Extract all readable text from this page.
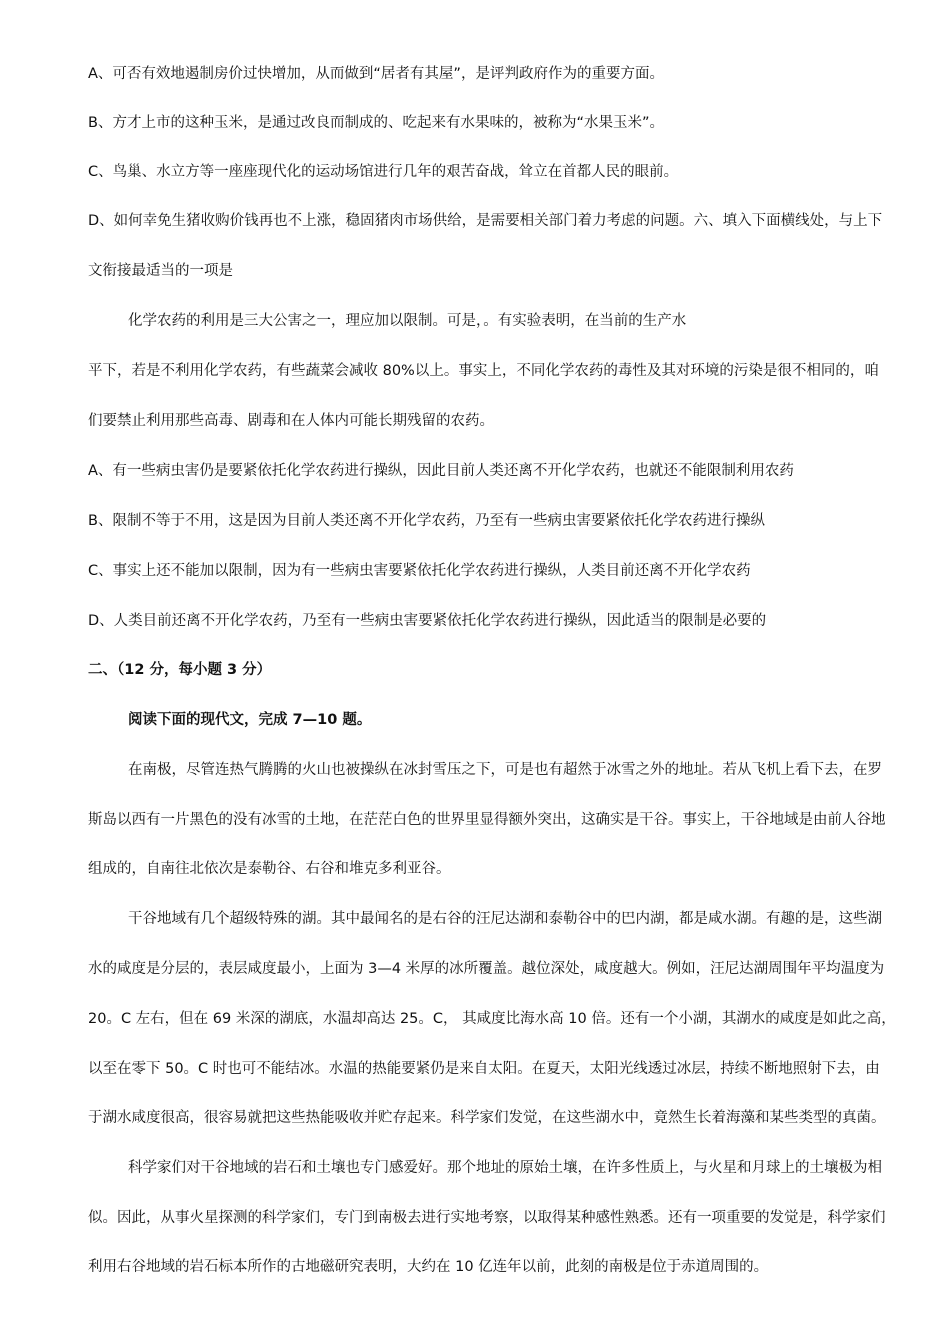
A、可否有效地遏制房价过快增加，从而做到“居者有其屋”，是评判政府作为的重要方面。
B、方才上市的这种玉米，是通过改良而制成的、吃起来有水果味的，被称为“水果玉米”。
C、鸟巢、水立方等一座座现代化的运动场馆进行几年的艰苦奋战，耸立在首都人民的眼前。
D、如何幸免生猪收购价钱再也不上涨，稳固猪肉市场供给，是需要相关部门着力考虑的问题。六、填入下面横线处，与上下
文衔接最适当的一项是
化学农药的利用是三大公害之一，理应加以限制。可是，。有实验表明，在当前的生产水
平下，若是不利用化学农药，有些蔬菜会减收 80%以上。事实上，不同化学农药的毒性及其对环境的污染是很不相同的，咱
们要禁止利用那些高毒、剧毒和在人体内可能长期残留的农药。
A、有一些病虫害仍是要紧依托化学农药进行操纵，因此目前人类还离不开化学农药，也就还不能限制利用农药
B、限制不等于不用，这是因为目前人类还离不开化学农药，乃至有一些病虫害要紧依托化学农药进行操纵
C、事实上还不能加以限制，因为有一些病虫害要紧依托化学农药进行操纵，人类目前还离不开化学农药
D、人类目前还离不开化学农药，乃至有一些病虫害要紧依托化学农药进行操纵，因此适当的限制是必要的
二、（12 分，每小题 3 分）
阅读下面的现代文，完成 7—10 题。
在南极，尽管连热气腾腾的火山也被操纵在冰封雪压之下，可是也有超然于冰雪之外的地址。若从飞机上看下去，在罗
斯岛以西有一片黑色的没有冰雪的土地，在茫茫白色的世界里显得额外突出，这确实是干谷。事实上，干谷地域是由前人谷地
组成的，自南往北依次是泰勒谷、右谷和堆克多利亚谷。
干谷地域有几个超级特殊的湖。其中最闻名的是右谷的汪尼达湖和泰勒谷中的巴内湖，都是咸水湖。有趣的是，这些湖
水的咸度是分层的，表层咸度最小，上面为 3—4 米厚的冰所覆盖。越位深处，咸度越大。例如，汪尼达湖周围年平均温度为
20。C 左右，但在 69 米深的湖底，水温却高达 25。C， 其咸度比海水高 10 倍。还有一个小湖，其湖水的咸度是如此之高，
以至在零下 50。C 时也可不能结冰。水温的热能要紧仍是来自太阳。在夏天，太阳光线透过冰层，持续不断地照射下去，由
于湖水咸度很高，很容易就把这些热能吸收并贮存起来。科学家们发觉，在这些湖水中，竟然生长着海藻和某些类型的真菌。
科学家们对干谷地域的岩石和土壤也专门感爱好。那个地址的原始土壤，在许多性质上，与火星和月球上的土壤极为相
似。因此，从事火星探测的科学家们，专门到南极去进行实地考察，以取得某种感性熟悉。还有一项重要的发觉是，科学家们
利用右谷地域的岩石标本所作的古地磁研究表明，大约在 10 亿连年以前，此刻的南极是位于赤道周围的。
